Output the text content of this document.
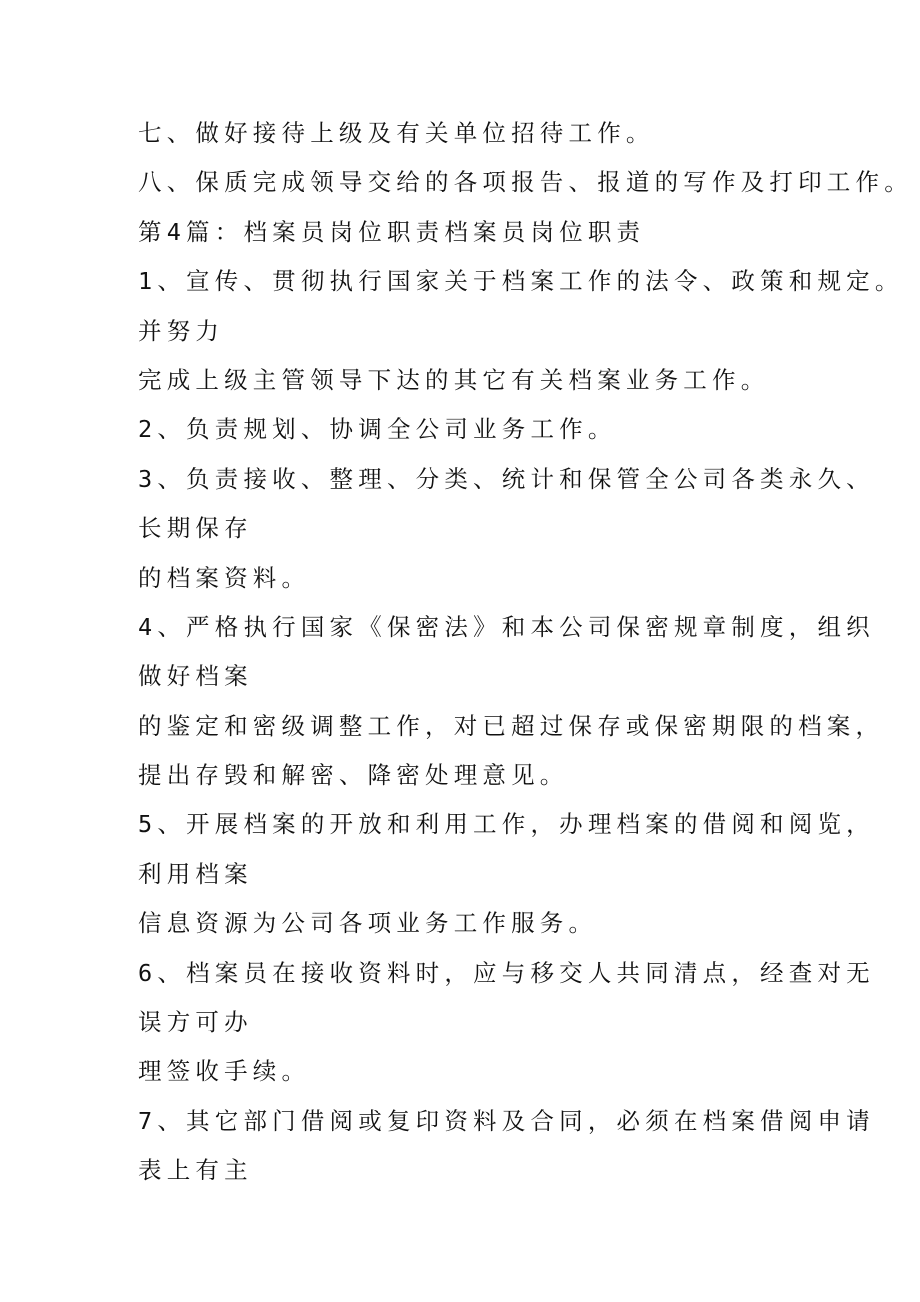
七、做好接待上级及有关单位招待工作。
八、保质完成领导交给的各项报告、报道的写作及打印工作。
第4篇：档案员岗位职责档案员岗位职责
1、宣传、贯彻执行国家关于档案工作的法令、政策和规定。
并努力
完成上级主管领导下达的其它有关档案业务工作。
2、负责规划、协调全公司业务工作。
3、负责接收、整理、分类、统计和保管全公司各类永久、
长期保存
的档案资料。
4、严格执行国家《保密法》和本公司保密规章制度，组织
做好档案
的鉴定和密级调整工作，对已超过保存或保密期限的档案，
提出存毁和解密、降密处理意见。
5、开展档案的开放和利用工作，办理档案的借阅和阅览，
利用档案
信息资源为公司各项业务工作服务。
6、档案员在接收资料时，应与移交人共同清点，经查对无
误方可办
理签收手续。
7、其它部门借阅或复印资料及合同，必须在档案借阅申请
表上有主
